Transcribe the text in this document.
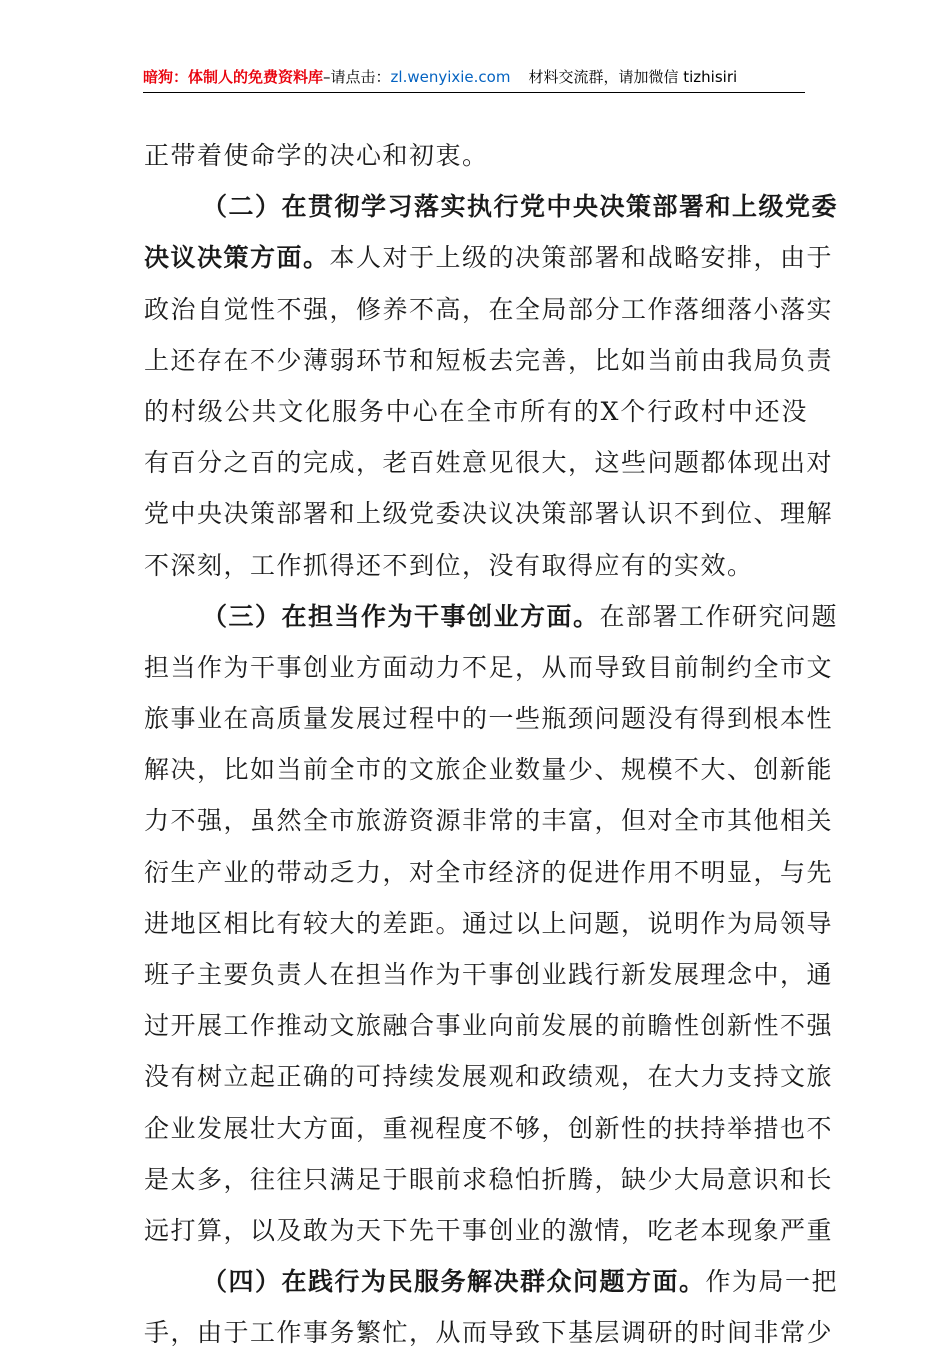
暗狗：体制人的免费资料库–请点击：zl.wenyixie.com 材料交流群，请加微信 tizhisiri
正带着使命学的决心和初衷。
（二）在贯彻学习落实执行党中央决策部署和上级党委
决议决策方面。本人对于上级的决策部署和战略安排，由于
政治自觉性不强，修养不高，在全局部分工作落细落小落实
上还存在不少薄弱环节和短板去完善，比如当前由我局负责
的村级公共文化服务中心在全市所有的X个行政村中还没
有百分之百的完成，老百姓意见很大，这些问题都体现出对
党中央决策部署和上级党委决议决策部署认识不到位、理解
不深刻，工作抓得还不到位，没有取得应有的实效。
（三）在担当作为干事创业方面。在部署工作研究问题
担当作为干事创业方面动力不足，从而导致目前制约全市文
旅事业在高质量发展过程中的一些瓶颈问题没有得到根本性
解决，比如当前全市的文旅企业数量少、规模不大、创新能
力不强，虽然全市旅游资源非常的丰富，但对全市其他相关
衍生产业的带动乏力，对全市经济的促进作用不明显，与先
进地区相比有较大的差距。通过以上问题，说明作为局领导
班子主要负责人在担当作为干事创业践行新发展理念中，通
过开展工作推动文旅融合事业向前发展的前瞻性创新性不强
没有树立起正确的可持续发展观和政绩观，在大力支持文旅
企业发展壮大方面，重视程度不够，创新性的扶持举措也不
是太多，往往只满足于眼前求稳怕折腾，缺少大局意识和长
远打算，以及敢为天下先干事创业的激情，吃老本现象严重
（四）在践行为民服务解决群众问题方面。作为局一把
手，由于工作事务繁忙，从而导致下基层调研的时间非常少
